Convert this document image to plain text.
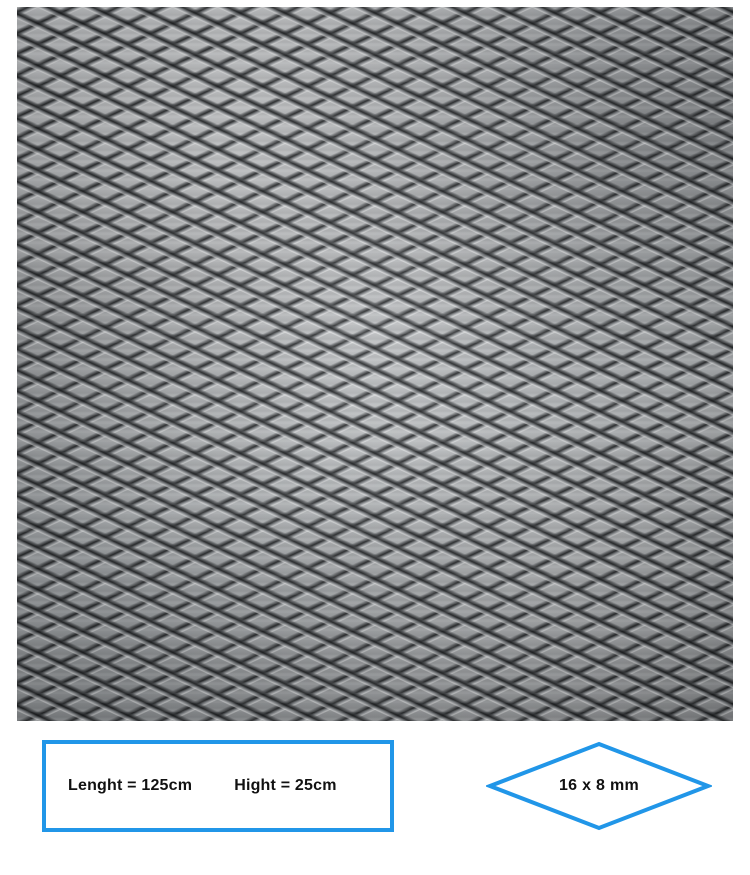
Lenght = 125cm	Hight = 25cm	16 x 8 mm
